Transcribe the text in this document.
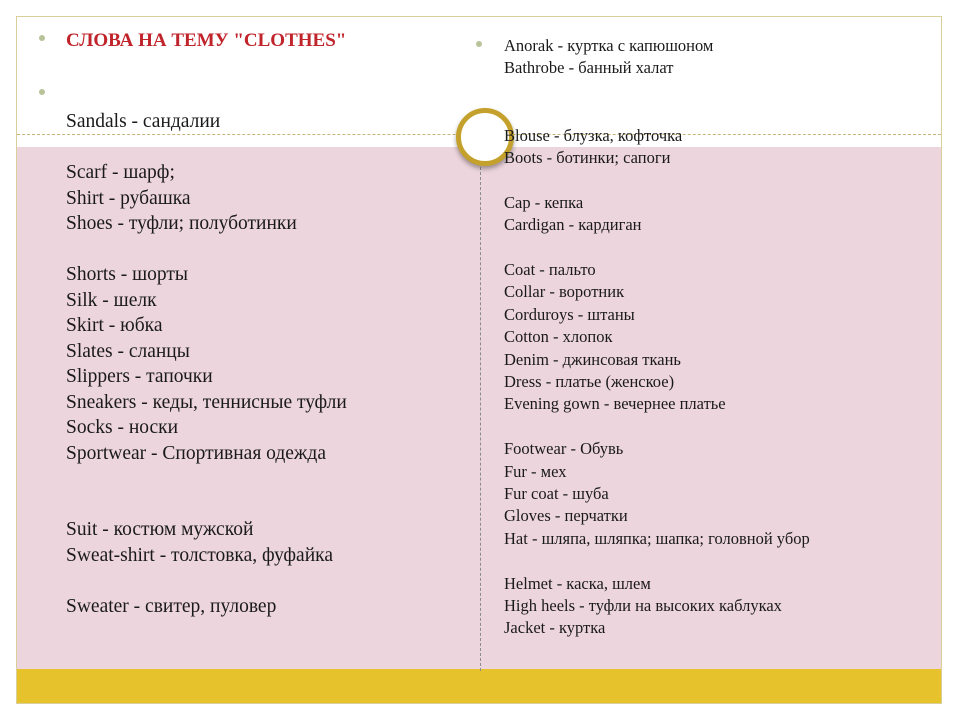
СЛОВА НА ТЕМУ "CLOTHES"
Sandals - сандалии
Scarf - шарф;
Shirt - рубашка
Shoes - туфли; полуботинки
Shorts - шорты
Silk - шелк
Skirt - юбка
Slates - сланцы
Slippers - тапочки
Sneakers - кеды, теннисные туфли
Socks - носки
Sportwear - Спортивная одежда
Suit - костюм мужской
Sweat-shirt - толстовка, фуфайка
Sweater - свитер, пуловер
Anorak - куртка с капюшоном
Bathrobe - банный халат
Blouse - блузка, кофточка
Boots - ботинки; сапоги
Cap - кепка
Cardigan - кардиган
Coat - пальто
Collar - воротник
Corduroys - штаны
Cotton - хлопок
Denim - джинсовая ткань
Dress - платье (женское)
Evening gown - вечернее платье
Footwear - Обувь
Fur - мех
Fur coat - шуба
Gloves - перчатки
Hat - шляпа, шляпка; шапка; головной убор
Helmet - каска, шлем
High heels - туфли на высоких каблуках
Jacket - куртка
